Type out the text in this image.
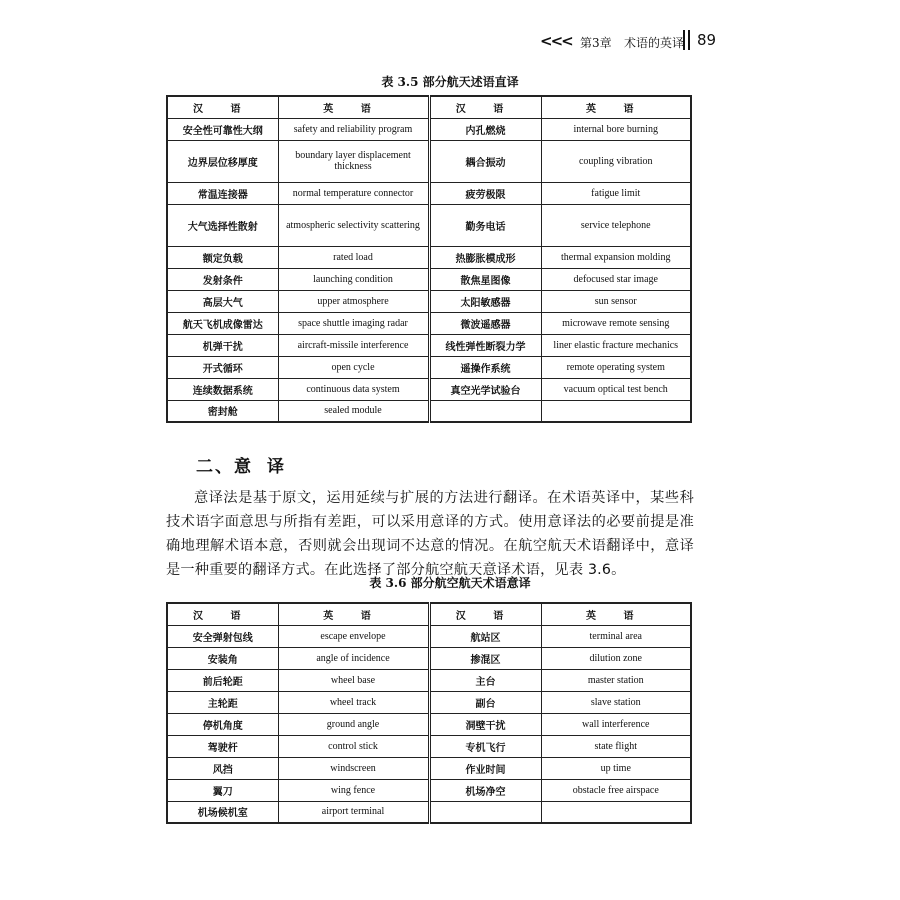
<<< 第3章 术语的英译 89
表 3.5 部分航天述语直译
汉 语	英 语	汉 语	英 语
安全性可靠性大纲	safety and reliability program	内孔燃烧	internal bore burning
边界层位移厚度	boundary layer displacement thickness	耦合振动	coupling vibration
常温连接器	normal temperature connector	疲劳极限	fatigue limit
大气选择性散射	atmospheric selectivity scattering	勤务电话	service telephone
额定负载	rated load	热膨胀模成形	thermal expansion molding
发射条件	launching condition	散焦星图像	defocused star image
高层大气	upper atmosphere	太阳敏感器	sun sensor
航天飞机成像雷达	space shuttle imaging radar	微波遥感器	microwave remote sensing
机弹干扰	aircraft-missile interference	线性弹性断裂力学	liner elastic fracture mechanics
开式循环	open cycle	遥操作系统	remote operating system
连续数据系统	continuous data system	真空光学试验台	vacuum optical test bench
密封舱	sealed module		
二、意 译
意译法是基于原文，运用延续与扩展的方法进行翻译。在术语英译中，某些科技术语字面意思与所指有差距，可以采用意译的方式。使用意译法的必要前提是准确地理解术语本意，否则就会出现词不达意的情况。在航空航天术语翻译中，意译是一种重要的翻译方式。在此选择了部分航空航天意译术语，见表 3.6。
表 3.6 部分航空航天术语意译
汉 语	英 语	汉 语	英 语
安全弹射包线	escape envelope	航站区	terminal area
安装角	angle of incidence	掺混区	dilution zone
前后轮距	wheel base	主台	master station
主轮距	wheel track	副台	slave station
停机角度	ground angle	洞壁干扰	wall interference
驾驶杆	control stick	专机飞行	state flight
风挡	windscreen	作业时间	up time
翼刀	wing fence	机场净空	obstacle free airspace
机场候机室	airport terminal		
